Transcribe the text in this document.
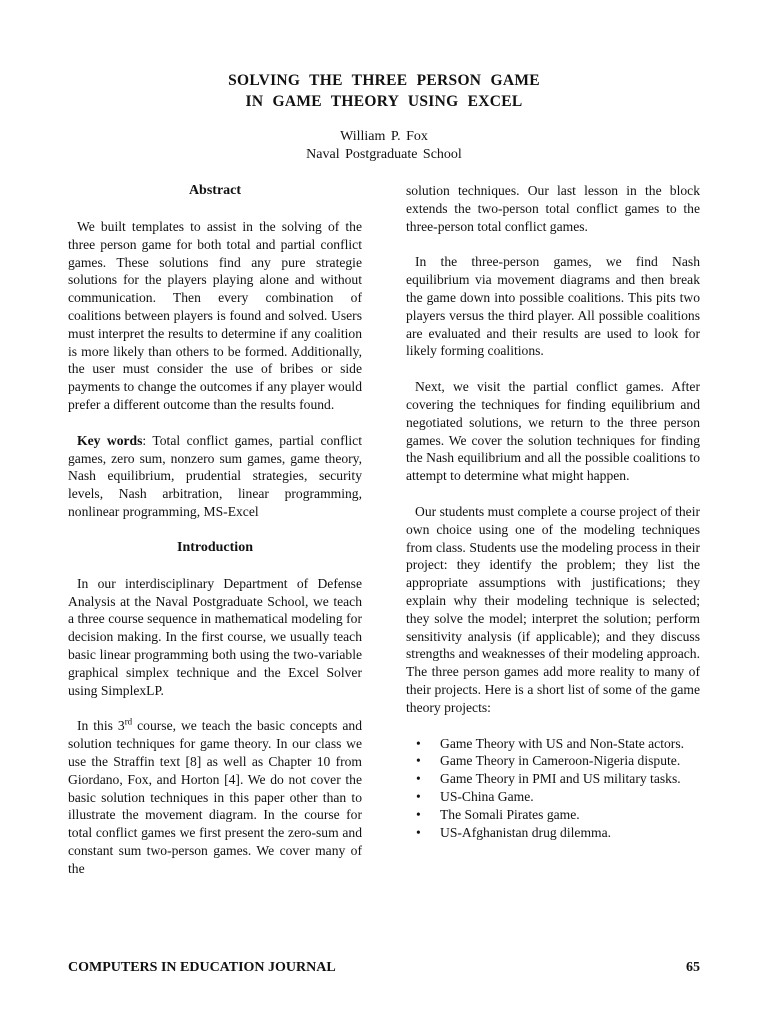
SOLVING THE THREE PERSON GAME
IN GAME THEORY USING EXCEL
William P. Fox
Naval Postgraduate School
Abstract

We built templates to assist in the solving of the three person game for both total and partial conflict games. These solutions find any pure strategie solutions for the players playing alone and without communication. Then every combination of coalitions between players is found and solved. Users must interpret the results to determine if any coalition is more likely than others to be formed. Additionally, the user must consider the use of bribes or side payments to change the outcomes if any player would prefer a different outcome than the results found.

Key words: Total conflict games, partial conflict games, zero sum, nonzero sum games, game theory, Nash equilibrium, prudential strategies, security levels, Nash arbitration, linear programming, nonlinear programming, MS-Excel

Introduction

In our interdisciplinary Department of Defense Analysis at the Naval Postgraduate School, we teach a three course sequence in mathematical modeling for decision making. In the first course, we usually teach basic linear programming both using the two-variable graphical simplex technique and the Excel Solver using SimplexLP.

In this 3rd course, we teach the basic concepts and solution techniques for game theory. In our class we use the Straffin text [8] as well as Chapter 10 from Giordano, Fox, and Horton [4]. We do not cover the basic solution techniques in this paper other than to illustrate the movement diagram. In the course for total conflict games we first present the zero-sum and constant sum two-person games. We cover many of the

solution techniques. Our last lesson in the block extends the two-person total conflict games to the three-person total conflict games.

In the three-person games, we find Nash equilibrium via movement diagrams and then break the game down into possible coalitions. This pits two players versus the third player. All possible coalitions are evaluated and their results are used to look for likely forming coalitions.

Next, we visit the partial conflict games. After covering the techniques for finding equilibrium and negotiated solutions, we return to the three person games. We cover the solution techniques for finding the Nash equilibrium and all the possible coalitions to attempt to determine what might happen.

Our students must complete a course project of their own choice using one of the modeling techniques from class. Students use the modeling process in their project: they identify the problem; they list the appropriate assumptions with justifications; they explain why their modeling technique is selected; they solve the model; interpret the solution; perform sensitivity analysis (if applicable); and they discuss strengths and weaknesses of their modeling approach. The three person games add more reality to many of their projects. Here is a short list of some of the game theory projects:

• Game Theory with US and Non-State actors.
• Game Theory in Cameroon-Nigeria dispute.
• Game Theory in PMI and US military tasks.
• US-China Game.
• The Somali Pirates game.
• US-Afghanistan drug dilemma.
COMPUTERS IN EDUCATION JOURNAL	65
